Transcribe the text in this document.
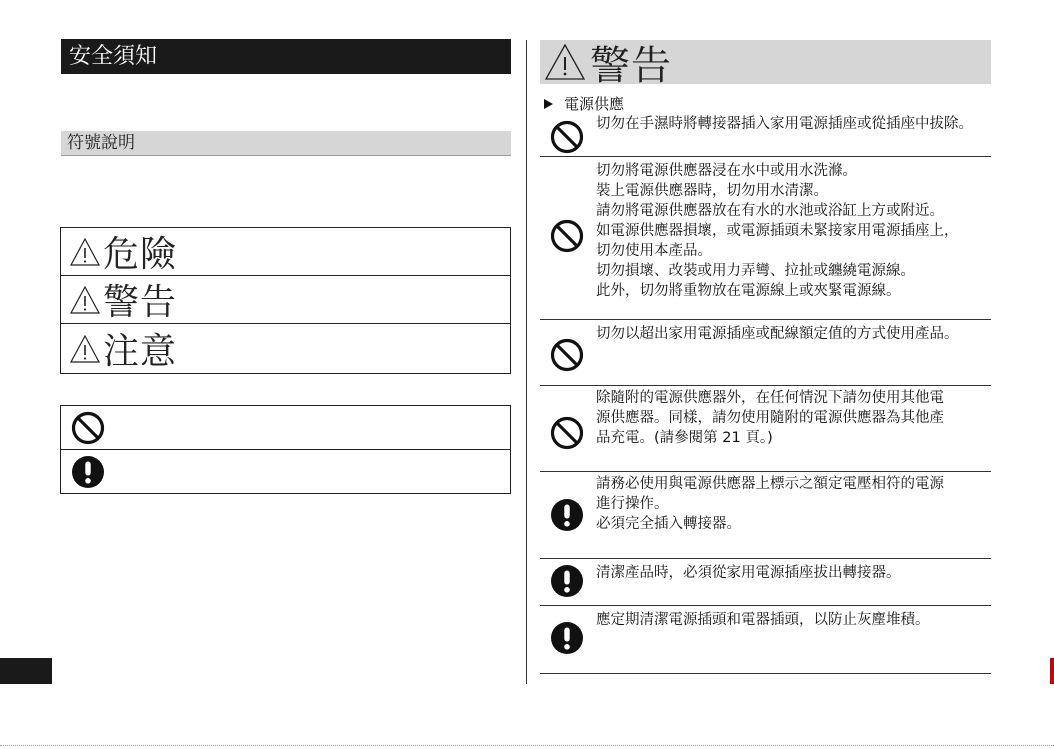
安全須知
符號說明
危險
警告
注意
警告
電源供應
切勿在手濕時將轉接器插入家用電源插座或從插座中拔除。
切勿將電源供應器浸在水中或用水洗滌。
裝上電源供應器時，切勿用水清潔。
請勿將電源供應器放在有水的水池或浴缸上方或附近。
如電源供應器損壞，或電源插頭未緊接家用電源插座上，
切勿使用本產品。
切勿損壞、改裝或用力弄彎、拉扯或纏繞電源線。
此外，切勿將重物放在電源線上或夾緊電源線。
切勿以超出家用電源插座或配線額定值的方式使用產品。
除隨附的電源供應器外，在任何情況下請勿使用其他電
源供應器。同樣，請勿使用隨附的電源供應器為其他產
品充電。(請參閱第 21 頁。)
請務必使用與電源供應器上標示之額定電壓相符的電源
進行操作。
必須完全插入轉接器。
清潔產品時，必須從家用電源插座拔出轉接器。
應定期清潔電源插頭和電器插頭，以防止灰塵堆積。
